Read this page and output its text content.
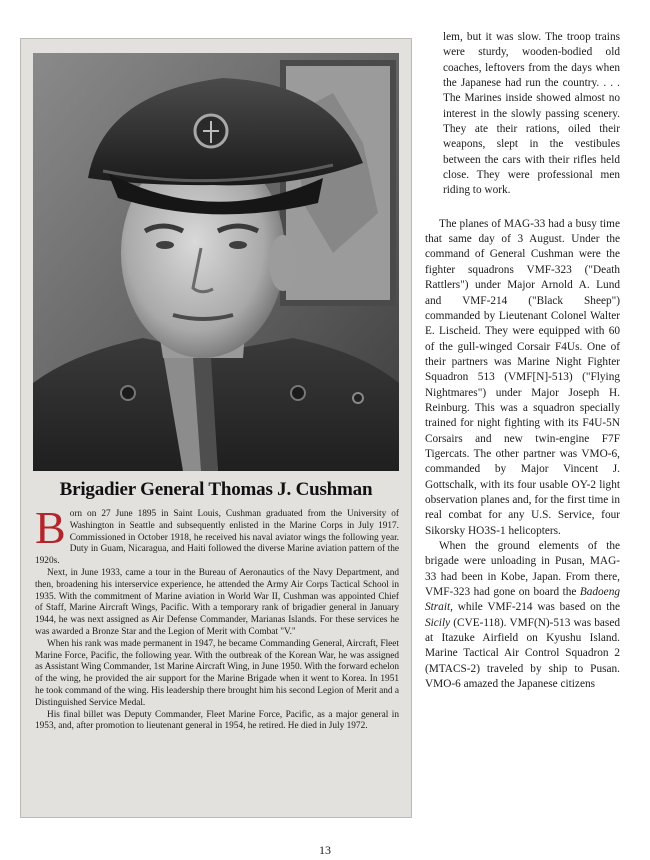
Brigadier General Thomas J. Cushman

Born on 27 June 1895 in Saint Louis, Cushman graduated from the University of Washington in Seattle and subsequently enlisted in the Marine Corps in July 1917. Commissioned in October 1918, he received his naval aviator wings the following year. Duty in Guam, Nicaragua, and Haiti followed the diverse Marine aviation pattern of the 1920s.

Next, in June 1933, came a tour in the Bureau of Aeronautics of the Navy Department, and then, broadening his interservice experience, he attended the Army Air Corps Tactical School in 1935. With the commitment of Marine aviation in World War II, Cushman was appointed Chief of Staff, Marine Aircraft Wings, Pacific. With a temporary rank of brigadier general in January 1944, he was next assigned as Air Defense Commander, Marianas Islands. For these services he was awarded a Bronze Star and the Legion of Merit with Combat "V."

When his rank was made permanent in 1947, he became Commanding General, Aircraft, Fleet Marine Force, Pacific, the following year. With the outbreak of the Korean War, he was assigned as Assistant Wing Commander, 1st Marine Aircraft Wing, in June 1950. With the forward echelon of the wing, he provided the air support for the Marine Brigade when it went to Korea. In 1951 he took command of the wing. His leadership there brought him his second Legion of Merit and a Distinguished Service Medal.

His final billet was Deputy Commander, Fleet Marine Force, Pacific, as a major general in 1953, and, after promotion to lieutenant general in 1954, he retired. He died in July 1972.

lem, but it was slow. The troop trains were sturdy, wooden-bodied old coaches, leftovers from the days when the Japanese had run the country. . . . The Marines inside showed almost no interest in the slowly passing scenery. They ate their rations, oiled their weapons, slept in the vestibules between the cars with their rifles held close. They were professional men riding to work.

The planes of MAG-33 had a busy time that same day of 3 August. Under the command of General Cushman were the fighter squadrons VMF-323 ("Death Rattlers") under Major Arnold A. Lund and VMF-214 ("Black Sheep") commanded by Lieutenant Colonel Walter E. Lischeid. They were equipped with 60 of the gull-winged Corsair F4Us. One of their partners was Marine Night Fighter Squadron 513 (VMF[N]-513) ("Flying Nightmares") under Major Joseph H. Reinburg. This was a squadron specially trained for night fighting with its F4U-5N Corsairs and new twin-engine F7F Tigercats. The other partner was VMO-6, commanded by Major Vincent J. Gottschalk, with its four usable OY-2 light observation planes and, for the first time in real combat for any U.S. Service, four Sikorsky HO3S-1 helicopters.

When the ground elements of the brigade were unloading in Pusan, MAG-33 had been in Kobe, Japan. From there, VMF-323 had gone on board the Badoeng Strait, while VMF-214 was based on the Sicily (CVE-118). VMF(N)-513 was based at Itazuke Airfield on Kyushu Island. Marine Tactical Air Control Squadron 2 (MTACS-2) traveled by ship to Pusan. VMO-6 amazed the Japanese citizens

13
